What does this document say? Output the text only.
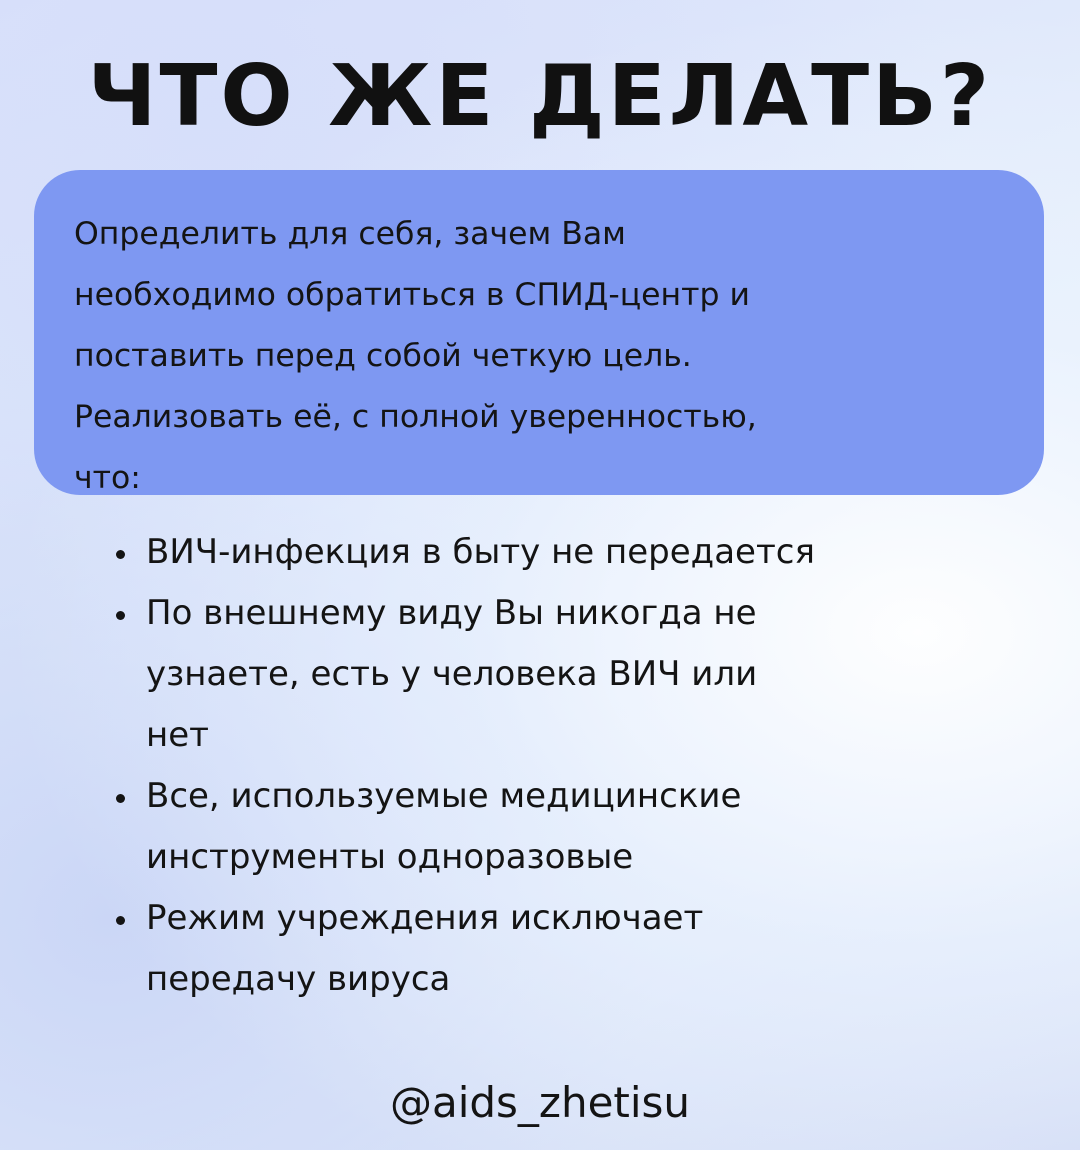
ЧТО ЖЕ ДЕЛАТЬ?

Определить для себя, зачем Вам
необходимо обратиться в СПИД-центр и
поставить перед собой четкую цель.
Реализовать её, с полной уверенностью,
что:

ВИЧ-инфекция в быту не передается
По внешнему виду Вы никогда не
узнаете, есть у человека ВИЧ или
нет
Все, используемые медицинские
инструменты одноразовые
Режим учреждения исключает
передачу вируса
@aids_zhetisu
